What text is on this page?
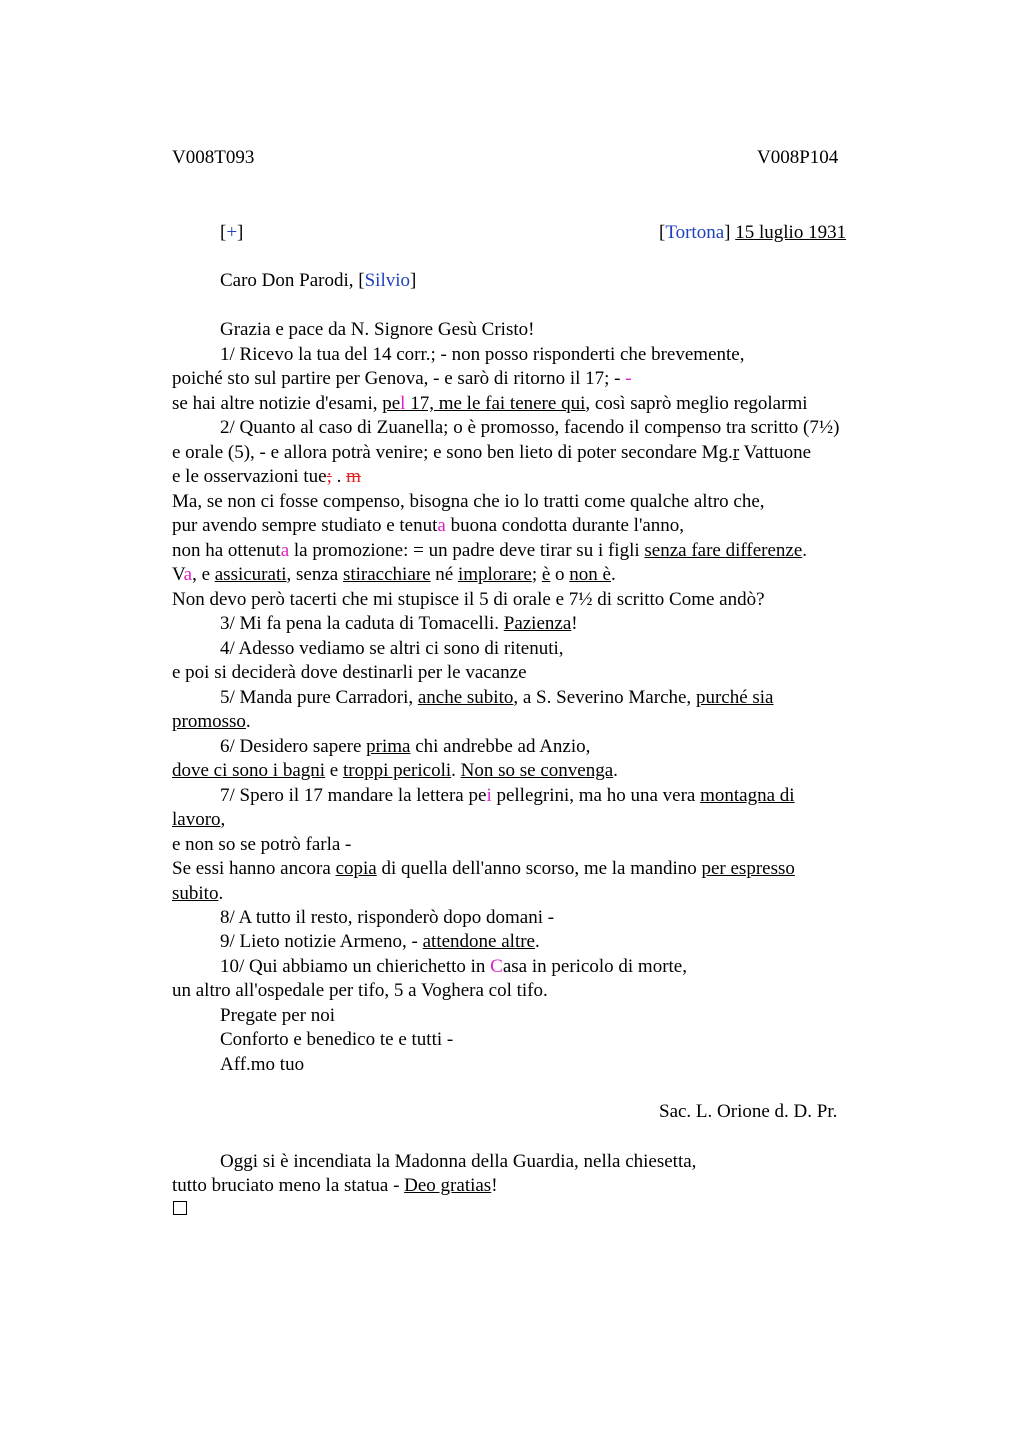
V008T093	V008P104
[+]	[Tortona] 15 luglio 1931
Caro Don Parodi, [Silvio]
Grazia e pace da N. Signore Gesù Cristo!
1/ Ricevo la tua del 14 corr.; - non posso risponderti che brevemente,
poiché sto sul partire per Genova, - e sarò di ritorno il 17; - -
se hai altre notizie d'esami, pel 17, me le fai tenere qui, così saprò meglio regolarmi
2/ Quanto al caso di Zuanella; o è promosso, facendo il compenso tra scritto (7½)
e orale (5), - e allora potrà venire; e sono ben lieto di poter secondare Mg.r Vattuone
e le osservazioni tue; . m
Ma, se non ci fosse compenso, bisogna che io lo tratti come qualche altro che,
pur avendo sempre studiato e tenuta buona condotta durante l'anno,
non ha ottenuta la promozione: = un padre deve tirar su i figli senza fare differenze.
Va, e assicurati, senza stiracchiare né implorare; è o non è.
Non devo però tacerti che mi stupisce il 5 di orale e 7½ di scritto Come andò?
3/ Mi fa pena la caduta di Tomacelli. Pazienza!
4/ Adesso vediamo se altri ci sono di ritenuti,
e poi si deciderà dove destinarli per le vacanze
5/ Manda pure Carradori, anche subito, a S. Severino Marche, purché sia
promosso.
6/ Desidero sapere prima chi andrebbe ad Anzio,
dove ci sono i bagni e troppi pericoli. Non so se convenga.
7/ Spero il 17 mandare la lettera pei pellegrini, ma ho una vera montagna di
lavoro,
e non so se potrò farla -
Se essi hanno ancora copia di quella dell'anno scorso, me la mandino per espresso
subito.
8/ A tutto il resto, risponderò dopo domani -
9/ Lieto notizie Armeno, - attendone altre.
10/ Qui abbiamo un chierichetto in Casa in pericolo di morte,
un altro all'ospedale per tifo, 5 a Voghera col tifo.
Pregate per noi
Conforto e benedico te e tutti -
Aff.mo tuo
Sac. L. Orione d. D. Pr.
Oggi si è incendiata la Madonna della Guardia, nella chiesetta,
tutto bruciato meno la statua - Deo gratias!
